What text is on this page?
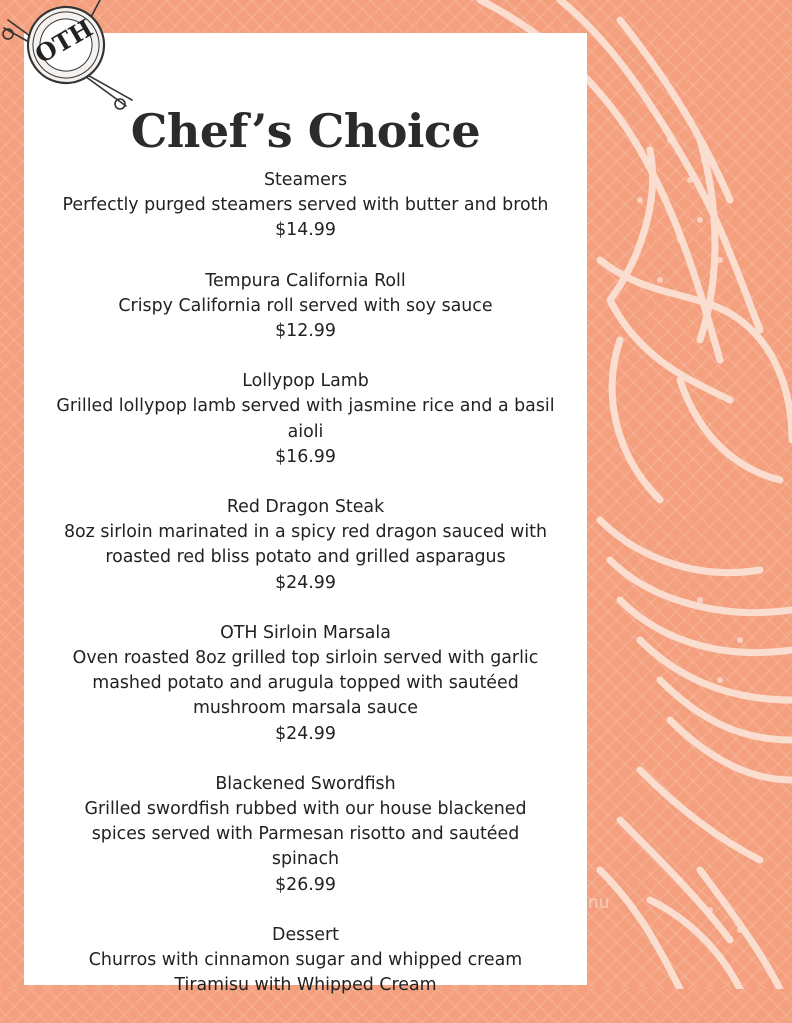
Chef’s Choice
Steamers
Perfectly purged steamers served with butter and broth
$14.99
Tempura California Roll
Crispy California roll served with soy sauce
$12.99
Lollypop Lamb
Grilled lollypop lamb served with jasmine rice and a basil
aioli
$16.99
Red Dragon Steak
8oz sirloin marinated in a spicy red dragon sauced with
roasted red bliss potato and grilled asparagus
$24.99
OTH Sirloin Marsala
Oven roasted 8oz grilled top sirloin served with garlic
mashed potato and arugula topped with sautéed
mushroom marsala sauce
$24.99
Blackened Swordfish
Grilled swordfish rubbed with our house blackened
spices served with Parmesan risotto and sautéed
spinach
$26.99
Dessert
Churros with cinnamon sugar and whipped cream
Tiramisu with Whipped Cream
OTH
menu
